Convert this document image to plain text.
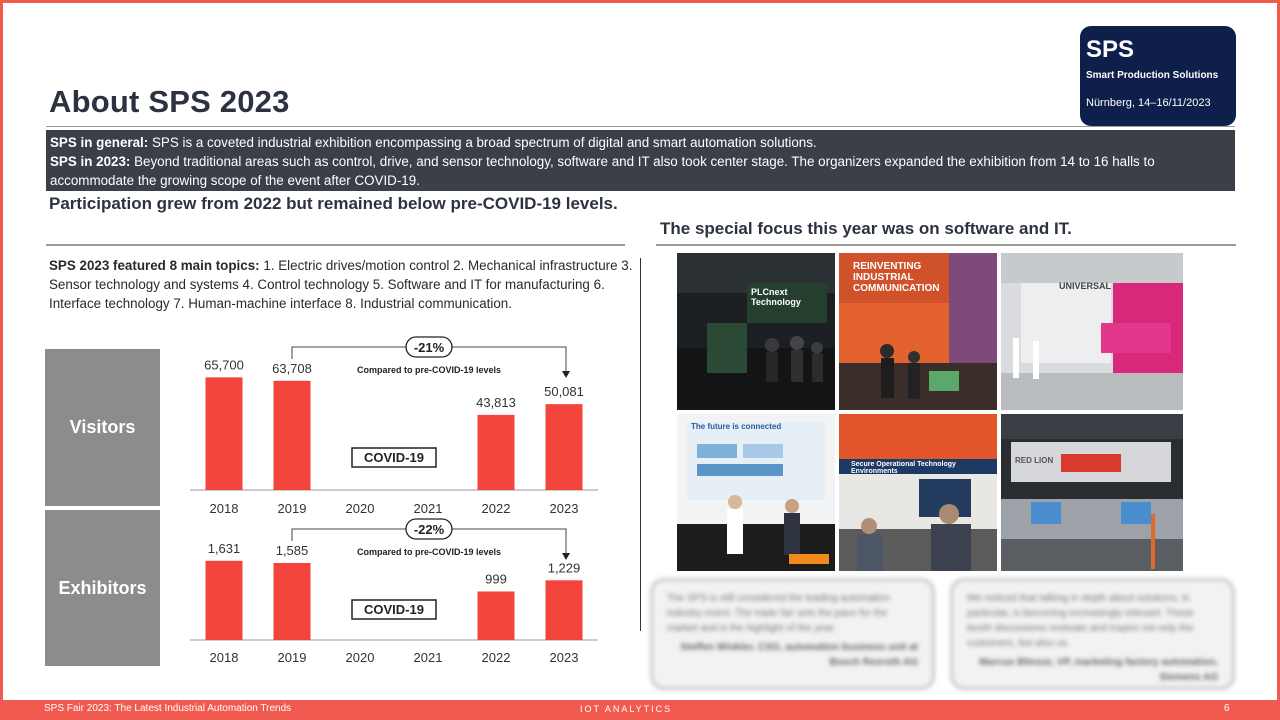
SPS
Smart Production Solutions
Nürnberg, 14–16/11/2023
About SPS 2023
SPS in general: SPS is a coveted industrial exhibition encompassing a broad spectrum of digital and smart automation solutions.
SPS in 2023: Beyond traditional areas such as control, drive, and sensor technology, software and IT also took center stage. The organizers expanded the exhibition from 14 to 16 halls to accommodate the growing scope of the event after COVID-19.
Participation grew from 2022 but remained below pre-COVID-19 levels.
The special focus this year was on software and IT.
SPS 2023 featured 8 main topics: 1. Electric drives/motion control 2. Mechanical infrastructure 3. Sensor technology and systems 4. Control technology 5. Software and IT for manufacturing 6. Interface technology 7. Human-machine interface 8. Industrial communication.
Visitors
Exhibitors
2018
65,700
2019
63,708
2020	2021	2022
43,813
2023
50,081
COVID-19
-21%
Compared to pre-COVID-19 levels
2018
1,631
2019
1,585
2020	2021	2022
999
2023
1,229
COVID-19
-22%
Compared to pre-COVID-19 levels
PLCnext Technology
REINVENTING INDUSTRIAL COMMUNICATION	UNIVERSAL
The future is connected
Secure Operational Technology Environments
RED LION
The SPS is still considered the leading automation industry event. The trade fair sets the pace for the market and is the highlight of the year.
Steffen Winkler, CSO, automation business unit at Bosch Rexroth AG
We noticed that talking in depth about solutions, in particular, is becoming increasingly relevant. These booth discussions motivate and inspire not only the customers, but also us.
Marcus Bliesze, VP, marketing factory automation, Siemens AG
SPS Fair 2023: The Latest Industrial Automation Trends	IOT ANALYTICS	6
